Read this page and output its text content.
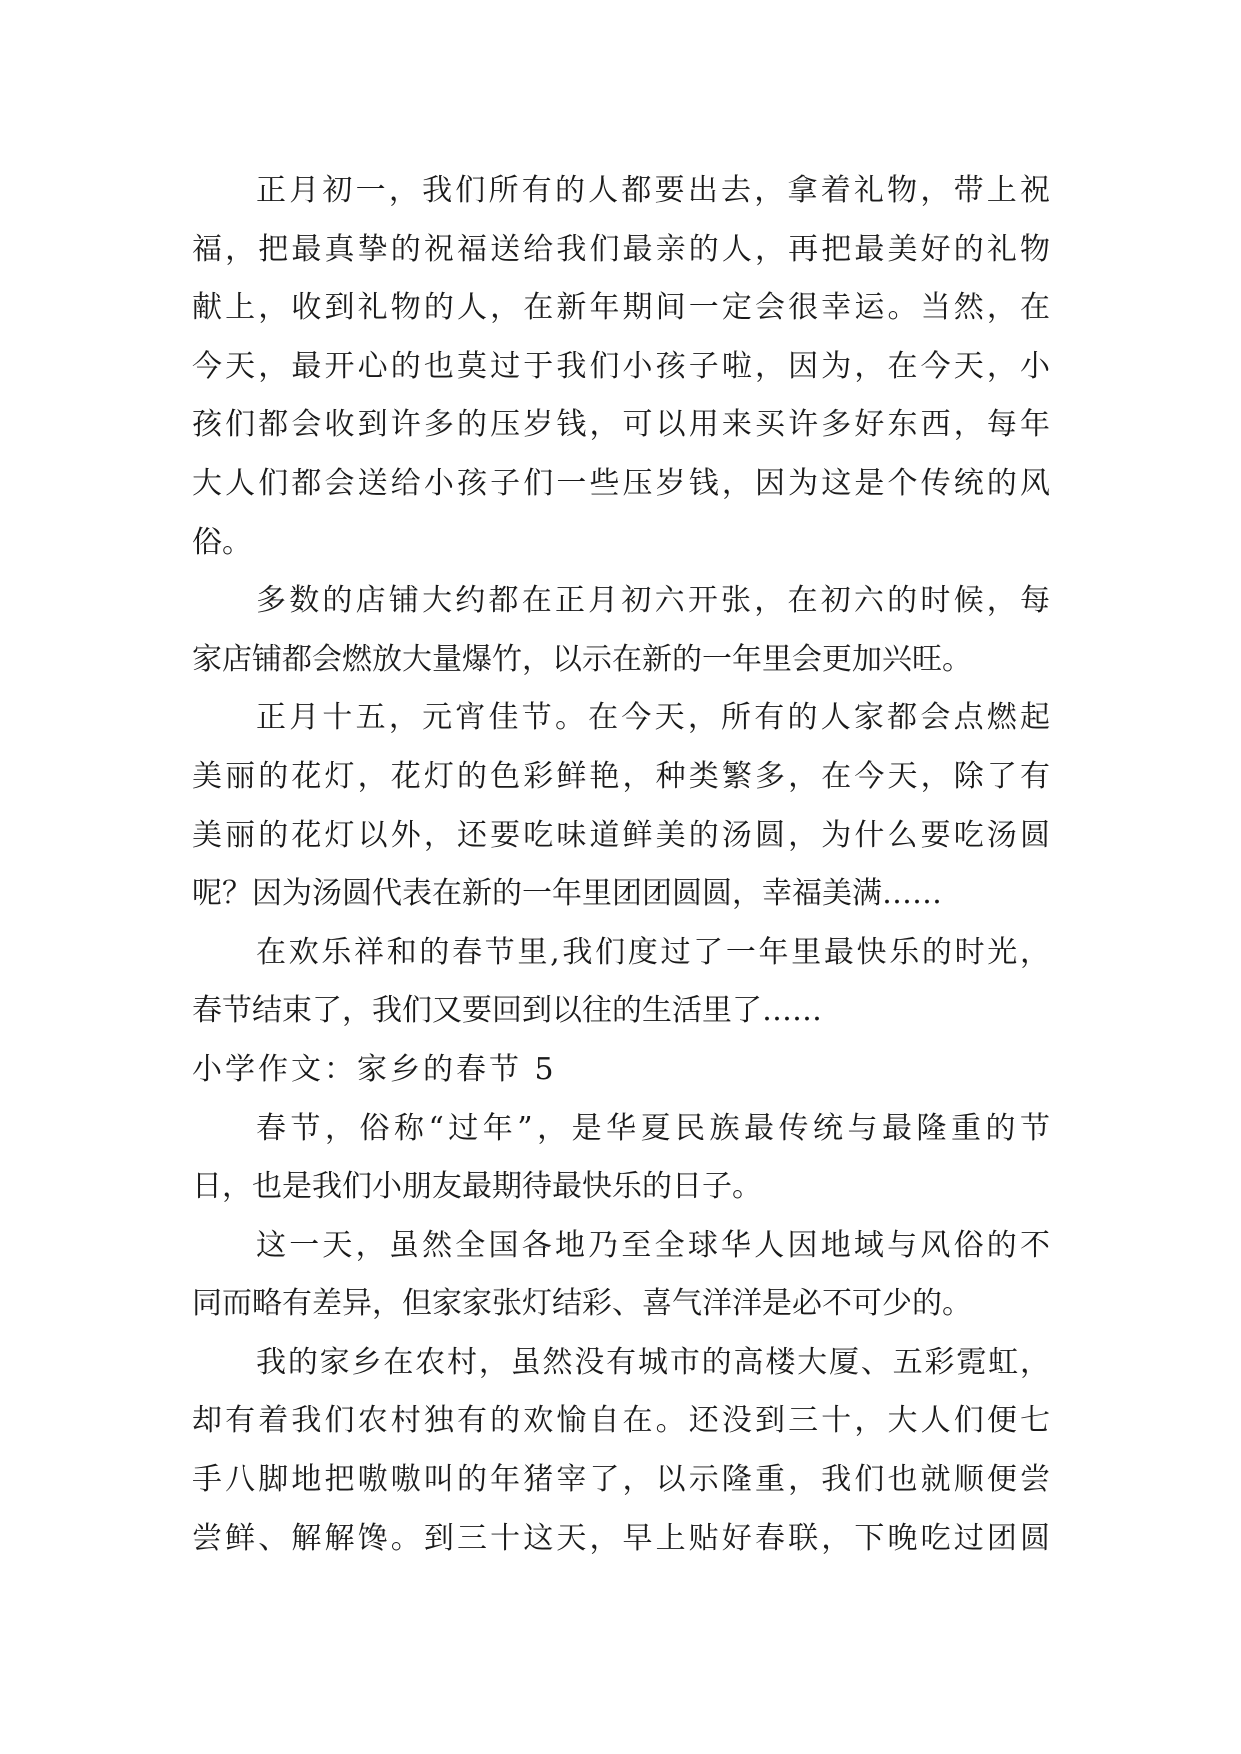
正月初一，我们所有的人都要出去，拿着礼物，带上祝
福，把最真挚的祝福送给我们最亲的人，再把最美好的礼物
献上，收到礼物的人，在新年期间一定会很幸运。当然，在
今天，最开心的也莫过于我们小孩子啦，因为，在今天，小
孩们都会收到许多的压岁钱，可以用来买许多好东西，每年
大人们都会送给小孩子们一些压岁钱，因为这是个传统的风
俗。
多数的店铺大约都在正月初六开张，在初六的时候，每
家店铺都会燃放大量爆竹，以示在新的一年里会更加兴旺。
正月十五，元宵佳节。在今天，所有的人家都会点燃起
美丽的花灯，花灯的色彩鲜艳，种类繁多，在今天，除了有
美丽的花灯以外，还要吃味道鲜美的汤圆，为什么要吃汤圆
呢？因为汤圆代表在新的一年里团团圆圆，幸福美满……
在欢乐祥和的春节里,我们度过了一年里最快乐的时光，
春节结束了，我们又要回到以往的生活里了……
小学作文：家乡的春节 5
春节，俗称“过年”，是华夏民族最传统与最隆重的节
日，也是我们小朋友最期待最快乐的日子。
这一天，虽然全国各地乃至全球华人因地域与风俗的不
同而略有差异，但家家张灯结彩、喜气洋洋是必不可少的。
我的家乡在农村，虽然没有城市的高楼大厦、五彩霓虹，
却有着我们农村独有的欢愉自在。还没到三十，大人们便七
手八脚地把嗷嗷叫的年猪宰了，以示隆重，我们也就顺便尝
尝鲜、解解馋。到三十这天，早上贴好春联，下晚吃过团圆
